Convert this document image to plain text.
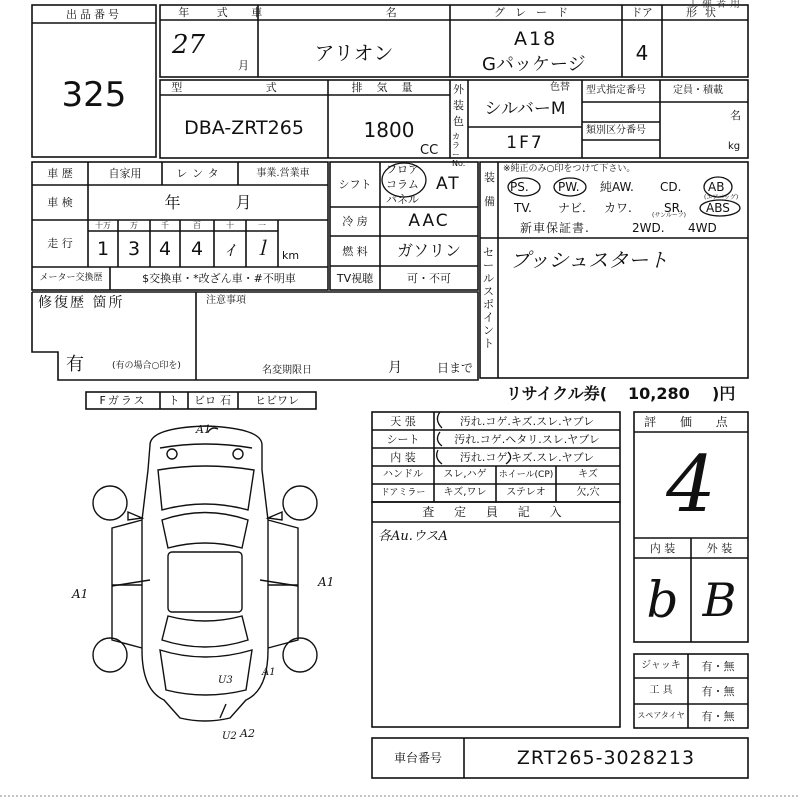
出品番号
325
年 式
27
月
車 名
アリオン
グレード
A18
Gパッケージ
ドア
4
形状
工催者用
型 式
DBA-ZRT265
排気量
1800
CC
外
装
色
カラーNo.
シルバーM
1F7
色替 型式指定番号
類別区分番号
定員・積載
名
kg
車 歴	自家用	レンタ	事業.営業車
車 検	年 月
走 行
十万	万	千	百	十	一
1 3 4	4	ｨ ｌ km
メーター交換歴	$交換車・*改ざん車・#不明車
シフト
フロア
コラム
パネル
AT
冷 房	AAC
燃 料	ガソリン
TV視聴	可・不可
装
備
※純正のみ○印をつけて下さい。
PS. PW. 純AW. CD. AB
(エアバッグ)
TV. ナビ. カワ.	SR. ABS
(サンルーフ)
新車保証書.	2WD. 4WD
セールスポイント
プッシュスタート
修復歴 箇所
有	(有の場合○印を)
注意事項
名変期限日	月	日まで
リサイクル券( 10,280 )円
Fガラス	ト	ビロ 石	ヒビワレ
A1
A1
A1
U3
A1
U2 A2
天 張	汚れ.コゲ.キズ.スレ.ヤブレ
シート	汚れ.コゲ.ヘタリ.スレ.ヤブレ
内 装	汚れ.コゲ.キズ.スレ.ヤブレ
ハンドル	スレ,ハゲ	ホイール(CP)	キズ
ドアミラー	キズ,ワレ	ステレオ	欠,穴
査 定 員 記 入
各Au.ウスA
評 価 点
4
内 装	外 装
b B
ジャッキ	有・無
工 具	有・無
スペアタイヤ	有・無
車台番号	ZRT265-3028213
